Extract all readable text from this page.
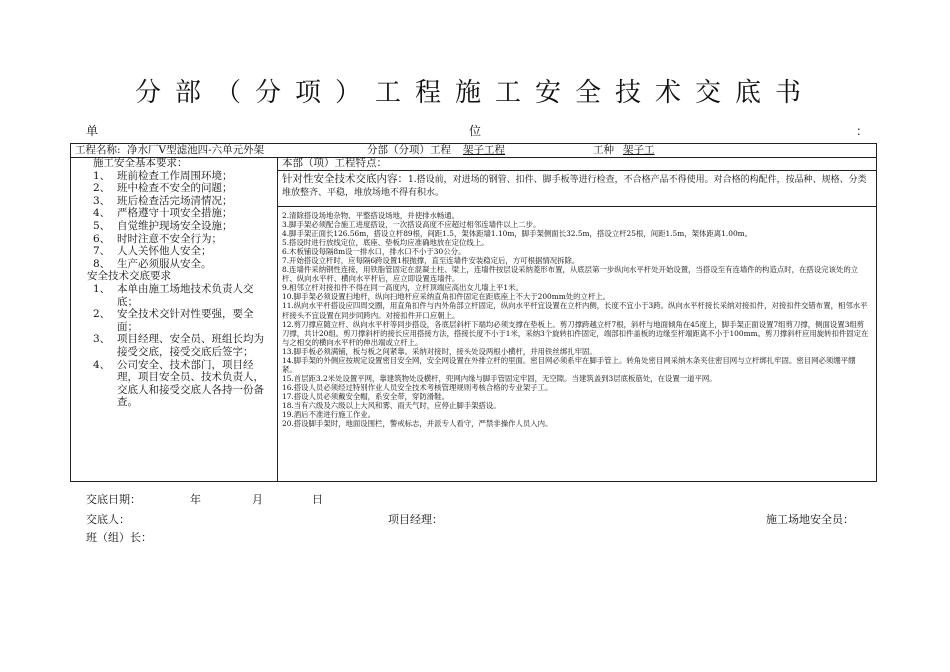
分部（分项）工程施工安全技术交底书
单	位	：
工程名称: 净水厂Ⅴ型滤池四-六单元外架	分部（分项）工程 架子工程	工种 架子工
施工安全基本要求：
1、 班前检查工作周围环境；
2、 班中检查不安全的问题；
3、 班后检查活完场清情况；
4、 严格遵守十项安全措施；
5、 自觉维护现场安全设施；
6、 时时注意不安全行为；
7、 人人关怀他人安全；
8、 生产必须服从安全。
安全技术交底要求
1、 本单由施工场地技术负责人交底；
2、 安全技术交针对性要强，要全面；
3、 项目经理、安全员、班组长均为接受交底，接受交底后签字；
4、 公司安全、技术部门，项目经理，项目安全员、技术负责人，交底人和接受交底人各持一份备查。
本部（项）工程特点：
针对性安全技术交底内容：1.搭设前，对进场的钢管、扣件、脚手板等进行检查，不合格产品不得使用。对合格的构配件，按品种、规格、分类堆放整齐、平稳，堆放场地不得有积水。
2.清除搭设场地杂物、平整搭设场地，并使排水畅通。
3.脚手架必须配合施工进度搭设，一次搭设高度不应超过相邻连墙件以上二步。
4.脚手架正面长126.56m，搭设立杆89根，间距1.5，架体距墙1.10m，脚手架侧面长32.5m，搭设立杆25根，间距1.5m，架体距离1.00m。
5.搭设时进行放线定位，底座、垫板均应准确地放在定位线上。
6.木板铺设每隔8m设一排水口，排水口不小于30公分。
7.开始搭设立杆时，应每隔6跨设置1根抛撑，直至连墙件安装稳定后，方可根据情况拆除。
8.连墙件采纳钢性连接，用铁脂管固定在混凝土柱、梁上，连墙件按层设采纳菱形布置，从底层第一步纵向水平杆处开始设置，当搭设至有连墙件的构造点时，在搭设完该处的立杆、纵向水平杆、横向水平杆后，应立即设置连墙件。
9.相邻立杆对接扣件不得在同一高度内，立杆顶端应高出女儿墙上平1米。
10.脚手架必须设置扫地杆，纵向扫地杆应采纳直角扣件固定在距底座上不大于200mm处的立杆上。
11.纵向水平杆搭设应四周交圈，用直角扣件与内外角部立杆固定，纵向水平杆宜设置在立杆内侧，长度不宜小于3跨。纵向水平杆接长采纳对接扣件，对接扣件交错布置，相邻水平杆接头不宜设置在同步同跨内。对接扣件开口应朝上。
12.剪刀撑应随立杆、纵向水平杆等同步搭设，各底层斜杆下端均必须支撑在垫板上。剪刀撑跨越立杆7根，斜杆与地面倾角在45度上，脚手架正面设置7组剪刀撑，侧面设置3组剪刀撑，共计20组。剪刀撑斜杆的接长应用搭接方法，搭接长度不小于1米，采纳3个旋转扣件固定，端部扣件盖板的边缘至杆端距离不小于100mm。剪刀撑斜杆应用旋转扣件固定在与之相交的横向水平杆的伸出端或立杆上。
13.脚手板必须满铺，板与板之间紧靠。采纳对接时，接头处设两根小横杆，并用铁丝绑扎牢固。
14.脚手架的外侧应按规定设置密目安全网，安全网设置在外排立杆的里面。密目网必须系牢在脚手管上。转角处密目网采纳木条夹住密目网与立杆绑扎牢固。密目网必须绷平绷紧。
15.首层距3.2米处设置平网，靠建筑物处设横杆，兜网内缘与脚手管固定牢固，无空隙。当建筑盖到3层底板筋处，在设置一道平网。
16.搭设人员必须经过特别作业人员安全技术考核管理规则考核合格的专业架子工。
17.搭设人员必须戴安全帽，系安全带，穿防滑鞋。
18.当有六级及六级以上大风和雾、雨天气时，应停止脚手架搭设。
19.酒后不准进行施工作业。
20.搭设脚手架时，地面设围栏，警戒标志，并派专人看守，严禁非操作人员入内。
交底日期：	年	月	日
交底人：	项目经理：	施工场地安全员：
班（组）长：
